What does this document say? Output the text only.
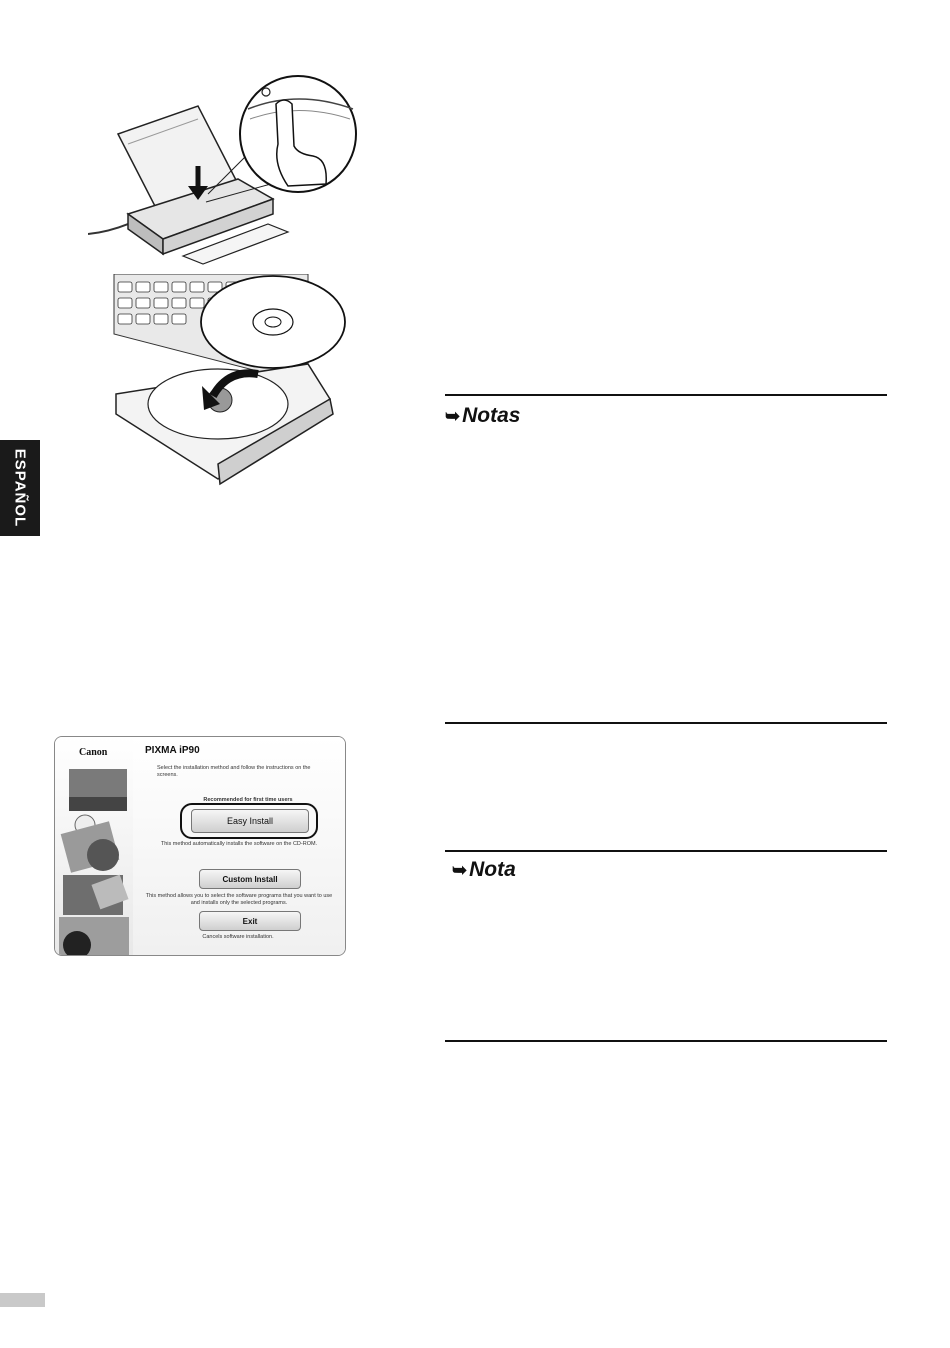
ESPAÑOL
➥ Notas
➥ Nota
Canon	PIXMA iP90
Select the installation method and follow the instructions on the screens.
Recommended for first time users
Easy Install
This method automatically installs the software on the CD-ROM.
Custom Install
This method allows you to select the software programs that you want to use and installs only the selected programs.
Exit
Cancels software installation.
